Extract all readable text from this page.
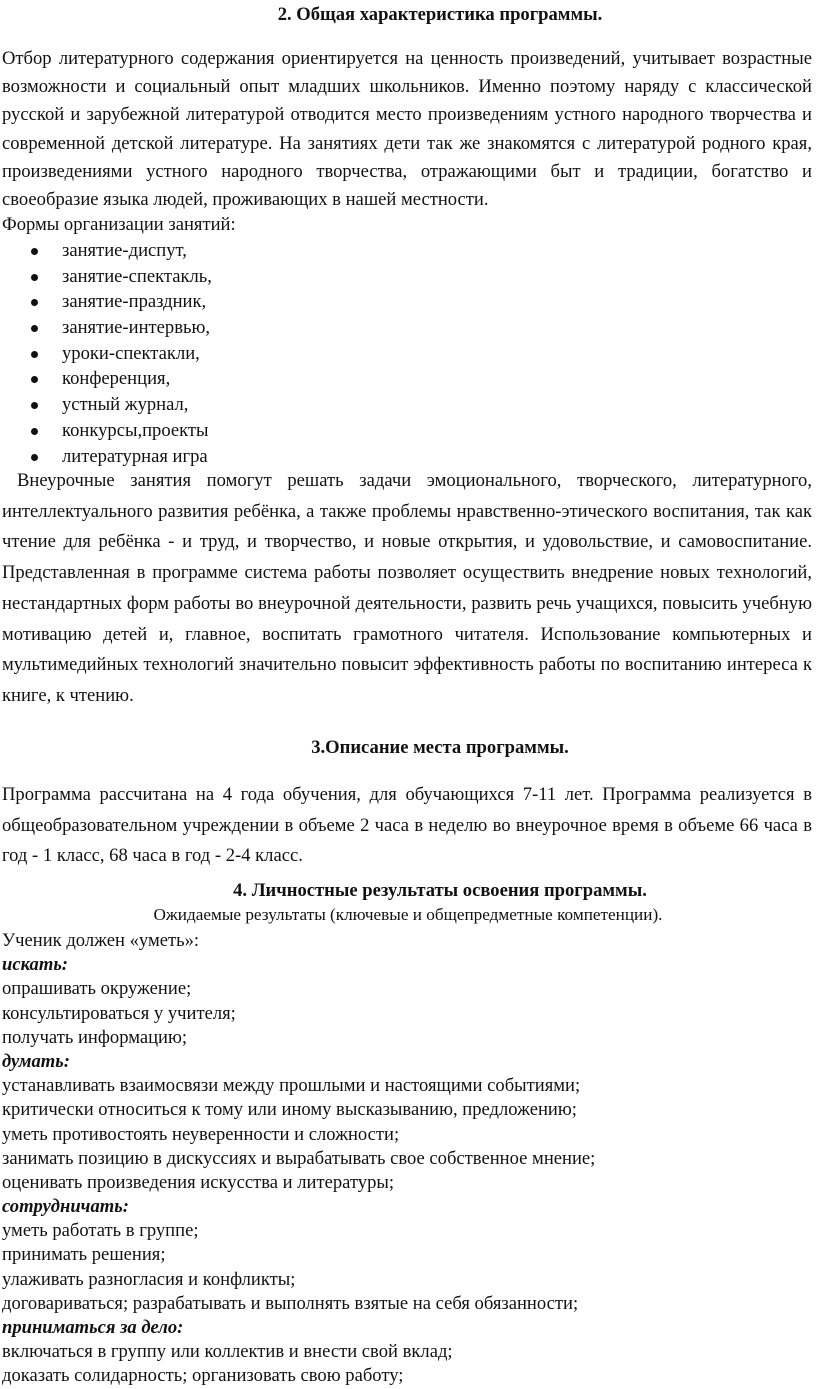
2. Общая характеристика программы.

Отбор литературного содержания ориентируется на ценность произведений, учитывает возрастные возможности и социальный опыт младших школьников. Именно поэтому наряду с классической русской и зарубежной литературой отводится место произведениям устного народного творчества и современной детской литературе. На занятиях дети так же знакомятся с литературой родного края, произведениями устного народного творчества, отражающими быт и традиции, богатство и своеобразие языка людей, проживающих в нашей местности.

Формы организации занятий:

занятие-диспут,
занятие-спектакль,
занятие-праздник,
занятие-интервью,
уроки-спектакли,
конференция,
устный журнал,
конкурсы,проекты
литературная игра

Внеурочные занятия помогут решать задачи эмоционального, творческого, литературного, интеллектуального развития ребёнка, а также проблемы нравственно-этического воспитания, так как чтение для ребёнка - и труд, и творчество, и новые открытия, и удовольствие, и самовоспитание. Представленная в программе система работы позволяет осуществить внедрение новых технологий, нестандартных форм работы во внеурочной деятельности, развить речь учащихся, повысить учебную мотивацию детей и, главное, воспитать грамотного читателя. Использование компьютерных и мультимедийных технологий значительно повысит эффективность работы по воспитанию интереса к книге, к чтению.

3.Описание места программы.

Программа рассчитана на 4 года обучения, для обучающихся 7-11 лет. Программа реализуется в общеобразовательном учреждении в объеме 2 часа в неделю во внеурочное время в объеме 66 часа в год - 1 класс, 68 часа в год - 2-4 класс.

4. Личностные результаты освоения программы.

Ожидаемые результаты (ключевые и общепредметные компетенции).

Ученик должен «уметь»:
искать:
опрашивать окружение;
консультироваться у учителя;
получать информацию;
думать:
устанавливать взаимосвязи между прошлыми и настоящими событиями;
критически относиться к тому или иному высказыванию, предложению;
уметь противостоять неуверенности и сложности;
занимать позицию в дискуссиях и вырабатывать свое собственное мнение;
оценивать произведения искусства и литературы;
сотрудничать:
уметь работать в группе;
принимать решения;
улаживать разногласия и конфликты;
договариваться; разрабатывать и выполнять взятые на себя обязанности;
приниматься за дело:
включаться в группу или коллектив и внести свой вклад;
доказать солидарность; организовать свою работу;
